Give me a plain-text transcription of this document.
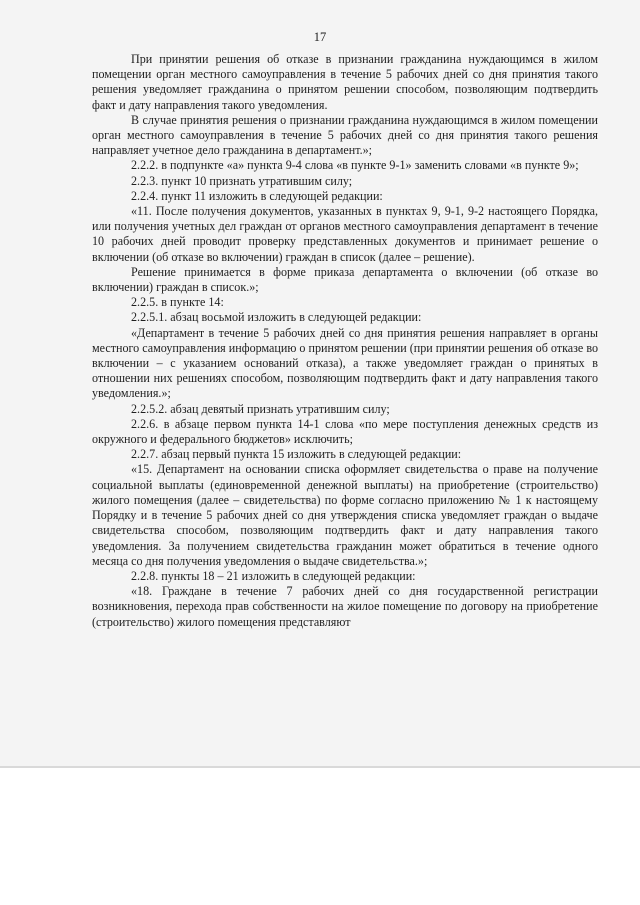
17

При принятии решения об отказе в признании гражданина нуждающимся в жилом помещении орган местного самоуправления в течение 5 рабочих дней со дня принятия такого решения уведомляет гражданина о принятом решении способом, позволяющим подтвердить факт и дату направления такого уведомления.

В случае принятия решения о признании гражданина нуждающимся в жилом помещении орган местного самоуправления в течение 5 рабочих дней со дня принятия такого решения направляет учетное дело гражданина в департамент.»;

2.2.2. в подпункте «а» пункта 9-4 слова «в пункте 9-1» заменить словами «в пункте 9»;

2.2.3. пункт 10 признать утратившим силу;

2.2.4. пункт 11 изложить в следующей редакции:

«11. После получения документов, указанных в пунктах 9, 9-1, 9-2 настоящего Порядка, или получения учетных дел граждан от органов местного самоуправления департамент в течение 10 рабочих дней проводит проверку представленных документов и принимает решение о включении (об отказе во включении) граждан в список (далее – решение).

Решение принимается в форме приказа департамента о включении (об отказе во включении) граждан в список.»;

2.2.5. в пункте 14:

2.2.5.1. абзац восьмой изложить в следующей редакции:

«Департамент в течение 5 рабочих дней со дня принятия решения направляет в органы местного самоуправления информацию о принятом решении (при принятии решения об отказе во включении – с указанием оснований отказа), а также уведомляет граждан о принятых в отношении них решениях способом, позволяющим подтвердить факт и дату направления такого уведомления.»;

2.2.5.2. абзац девятый признать утратившим силу;

2.2.6. в абзаце первом пункта 14-1 слова «по мере поступления денежных средств из окружного и федерального бюджетов» исключить;

2.2.7. абзац первый пункта 15 изложить в следующей редакции:

«15. Департамент на основании списка оформляет свидетельства о праве на получение социальной выплаты (единовременной денежной выплаты) на приобретение (строительство) жилого помещения (далее – свидетельства) по форме согласно приложению № 1 к настоящему Порядку и в течение 5 рабочих дней со дня утверждения списка уведомляет граждан о выдаче свидетельства способом, позволяющим подтвердить факт и дату направления такого уведомления. За получением свидетельства гражданин может обратиться в течение одного месяца со дня получения уведомления о выдаче свидетельства.»;

2.2.8. пункты 18 – 21 изложить в следующей редакции:

«18. Граждане в течение 7 рабочих дней со дня государственной регистрации возникновения, перехода прав собственности на жилое помещение по договору на приобретение (строительство) жилого помещения представляют
